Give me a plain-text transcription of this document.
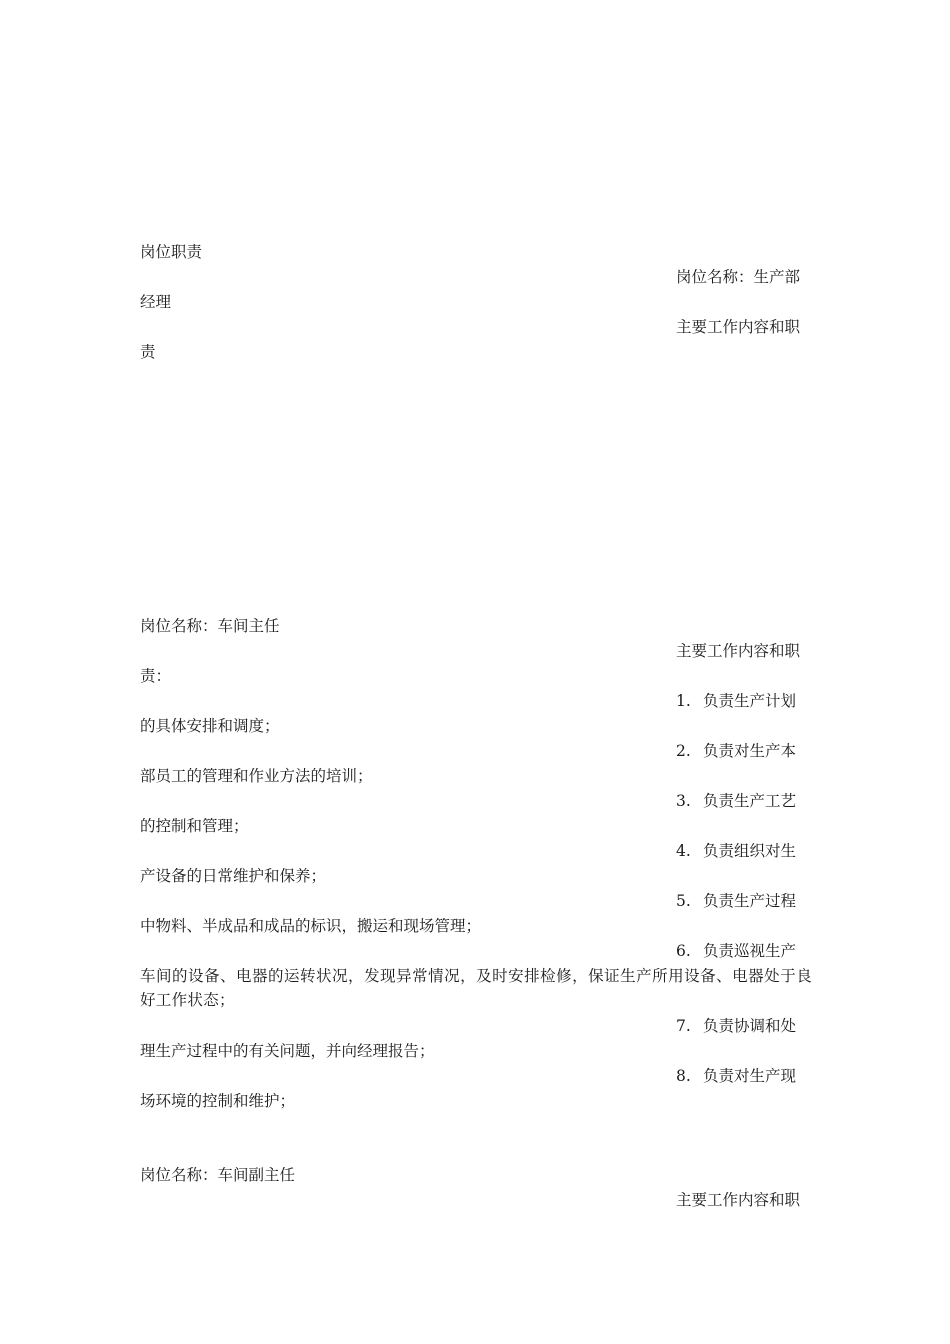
岗位职责
岗位名称：生产部
经理
主要工作内容和职
责
岗位名称：车间主任
主要工作内容和职
责：
1. 负责生产计划
的具体安排和调度；
2. 负责对生产本
部员工的管理和作业方法的培训；
3. 负责生产工艺
的控制和管理；
4. 负责组织对生
产设备的日常维护和保养；
5. 负责生产过程
中物料、半成品和成品的标识，搬运和现场管理；
6. 负责巡视生产
车间的设备、电器的运转状况，发现异常情况，及时安排检修，保证生产所用设备、电器处于良好工作状态；
7. 负责协调和处
理生产过程中的有关问题，并向经理报告；
8. 负责对生产现
场环境的控制和维护；
岗位名称：车间副主任
主要工作内容和职
